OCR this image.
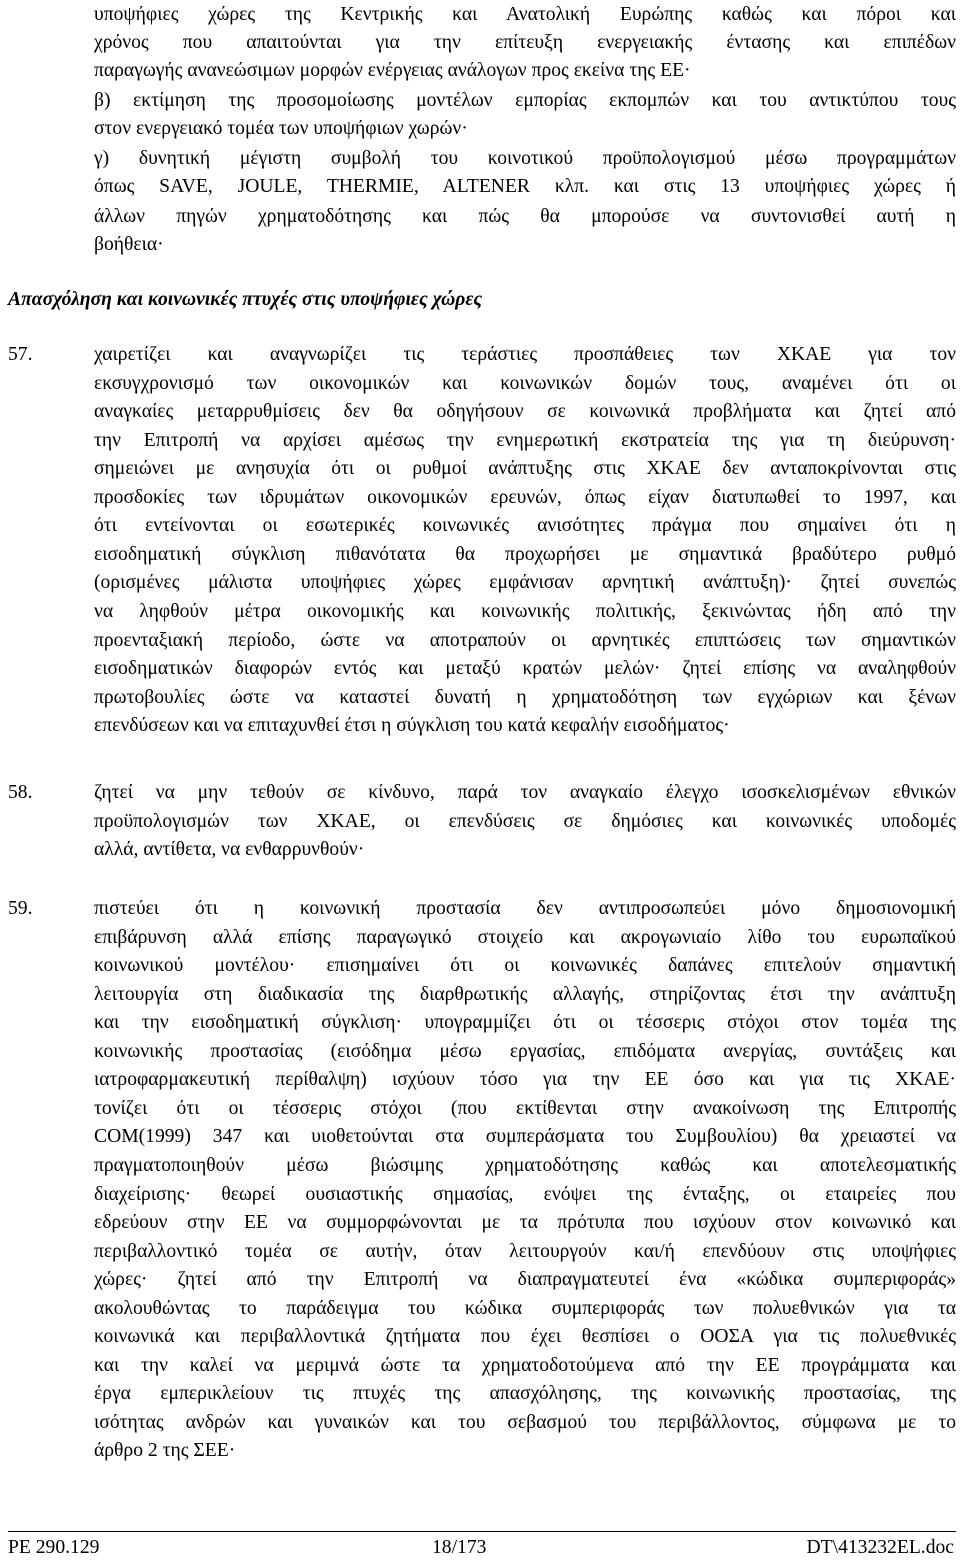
υποψήφιες χώρες της Κεντρικής και Ανατολική Ευρώπης καθώς και πόροι και
χρόνος που απαιτούνται για την επίτευξη ενεργειακής έντασης και επιπέδων
παραγωγής ανανεώσιμων μορφών ενέργειας ανάλογων προς εκείνα της ΕΕ·
β) εκτίμηση της προσομοίωσης μοντέλων εμπορίας εκπομπών και του αντικτύπου τους
στον ενεργειακό τομέα των υποψήφιων χωρών·
γ) δυνητική μέγιστη συμβολή του κοινοτικού προϋπολογισμού μέσω προγραμμάτων
όπως SAVE, JOULE, THERMIE, ALTENER κλπ. και στις 13 υποψήφιες χώρες ή
άλλων πηγών χρηματοδότησης και πώς θα μπορούσε να συντονισθεί αυτή η
βοήθεια·
Απασχόληση και κοινωνικές πτυχές στις υποψήφιες χώρες
57.	χαιρετίζει και αναγνωρίζει τις τεράστιες προσπάθειες των ΧΚΑΕ για τον
εκσυγχρονισμό των οικονομικών και κοινωνικών δομών τους, αναμένει ότι οι
αναγκαίες μεταρρυθμίσεις δεν θα οδηγήσουν σε κοινωνικά προβλήματα και ζητεί από
την Επιτροπή να αρχίσει αμέσως την ενημερωτική εκστρατεία της για τη διεύρυνση·
σημειώνει με ανησυχία ότι οι ρυθμοί ανάπτυξης στις ΧΚΑΕ δεν ανταποκρίνονται στις
προσδοκίες των ιδρυμάτων οικονομικών ερευνών, όπως είχαν διατυπωθεί το 1997, και
ότι εντείνονται οι εσωτερικές κοινωνικές ανισότητες πράγμα που σημαίνει ότι η
εισοδηματική σύγκλιση πιθανότατα θα προχωρήσει με σημαντικά βραδύτερο ρυθμό
(ορισμένες μάλιστα υποψήφιες χώρες εμφάνισαν αρνητική ανάπτυξη)· ζητεί συνεπώς
να ληφθούν μέτρα οικονομικής και κοινωνικής πολιτικής, ξεκινώντας ήδη από την
προενταξιακή περίοδο, ώστε να αποτραπούν οι αρνητικές επιπτώσεις των σημαντικών
εισοδηματικών διαφορών εντός και μεταξύ κρατών μελών· ζητεί επίσης να αναληφθούν
πρωτοβουλίες ώστε να καταστεί δυνατή η χρηματοδότηση των εγχώριων και ξένων
επενδύσεων και να επιταχυνθεί έτσι η σύγκλιση του κατά κεφαλήν εισοδήματος·
58.	ζητεί να μην τεθούν σε κίνδυνο, παρά τον αναγκαίο έλεγχο ισοσκελισμένων εθνικών
προϋπολογισμών των ΧΚΑΕ, οι επενδύσεις σε δημόσιες και κοινωνικές υποδομές
αλλά, αντίθετα, να ενθαρρυνθούν·
59.	πιστεύει ότι η κοινωνική προστασία δεν αντιπροσωπεύει μόνο δημοσιονομική
επιβάρυνση αλλά επίσης παραγωγικό στοιχείο και ακρογωνιαίο λίθο του ευρωπαϊκού
κοινωνικού μοντέλου· επισημαίνει ότι οι κοινωνικές δαπάνες επιτελούν σημαντική
λειτουργία στη διαδικασία της διαρθρωτικής αλλαγής, στηρίζοντας έτσι την ανάπτυξη
και την εισοδηματική σύγκλιση· υπογραμμίζει ότι οι τέσσερις στόχοι στον τομέα της
κοινωνικής προστασίας (εισόδημα μέσω εργασίας, επιδόματα ανεργίας, συντάξεις και
ιατροφαρμακευτική περίθαλψη) ισχύουν τόσο για την ΕΕ όσο και για τις ΧΚΑΕ·
τονίζει ότι οι τέσσερις στόχοι (που εκτίθενται στην ανακοίνωση της Επιτροπής
COM(1999) 347 και υιοθετούνται στα συμπεράσματα του Συμβουλίου) θα χρειαστεί να
πραγματοποιηθούν μέσω βιώσιμης χρηματοδότησης καθώς και αποτελεσματικής
διαχείρισης· θεωρεί ουσιαστικής σημασίας, ενόψει της ένταξης, οι εταιρείες που
εδρεύουν στην ΕΕ να συμμορφώνονται με τα πρότυπα που ισχύουν στον κοινωνικό και
περιβαλλοντικό τομέα σε αυτήν, όταν λειτουργούν και/ή επενδύουν στις υποψήφιες
χώρες· ζητεί από την Επιτροπή να διαπραγματευτεί ένα «κώδικα συμπεριφοράς»
ακολουθώντας το παράδειγμα του κώδικα συμπεριφοράς των πολυεθνικών για τα
κοινωνικά και περιβαλλοντικά ζητήματα που έχει θεσπίσει ο ΟΟΣΑ για τις πολυεθνικές
και την καλεί να μεριμνά ώστε τα χρηματοδοτούμενα από την ΕΕ προγράμματα και
έργα εμπερικλείουν τις πτυχές της απασχόλησης, της κοινωνικής προστασίας, της
ισότητας ανδρών και γυναικών και του σεβασμού του περιβάλλοντος, σύμφωνα με το
άρθρο 2 της ΣΕΕ·
PE 290.129	18/173	DT\413232EL.doc
